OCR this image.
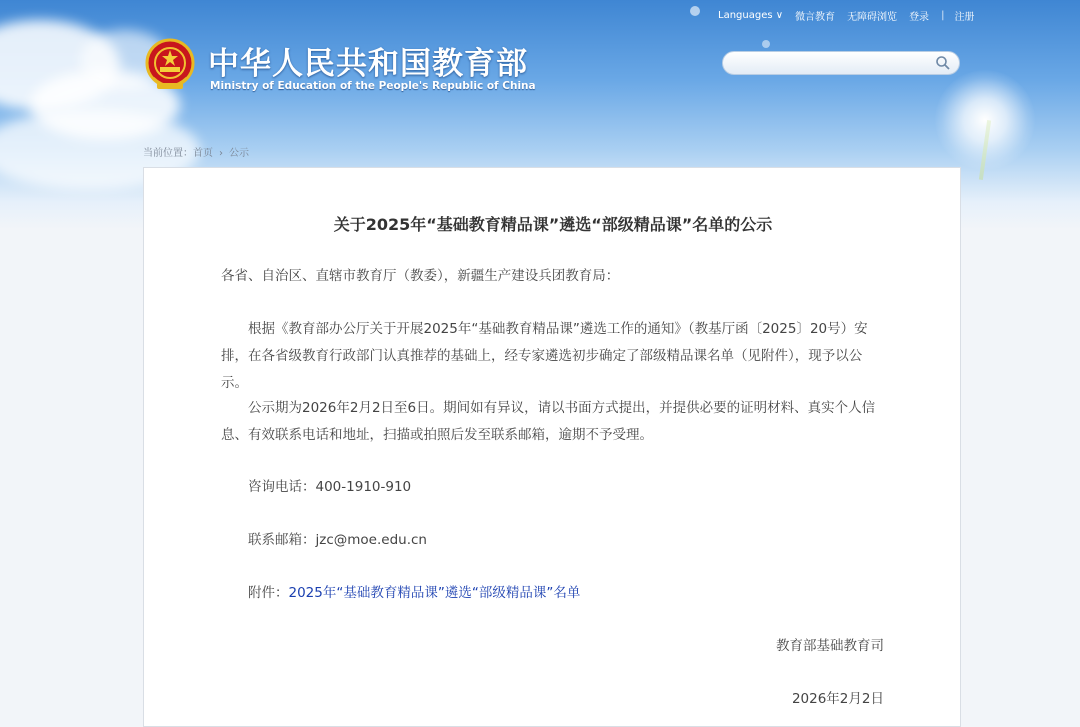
Languages ∨ 微言教育 无障碍浏览 登录 | 注册
中华人民共和国教育部
Ministry of Education of the People's Republic of China
当前位置：首页 › 公示
关于2025年“基础教育精品课”遴选“部级精品课”名单的公示
各省、自治区、直辖市教育厅（教委），新疆生产建设兵团教育局：
根据《教育部办公厅关于开展2025年“基础教育精品课”遴选工作的通知》（教基厅函〔2025〕20号）安排，在各省级教育行政部门认真推荐的基础上，经专家遴选初步确定了部级精品课名单（见附件），现予以公示。
公示期为2026年2月2日至6日。期间如有异议，请以书面方式提出，并提供必要的证明材料、真实个人信息、有效联系电话和地址，扫描或拍照后发至联系邮箱，逾期不予受理。
咨询电话：400-1910-910
联系邮箱：jzc@moe.edu.cn
附件：2025年“基础教育精品课”遴选“部级精品课”名单
教育部基础教育司
2026年2月2日
